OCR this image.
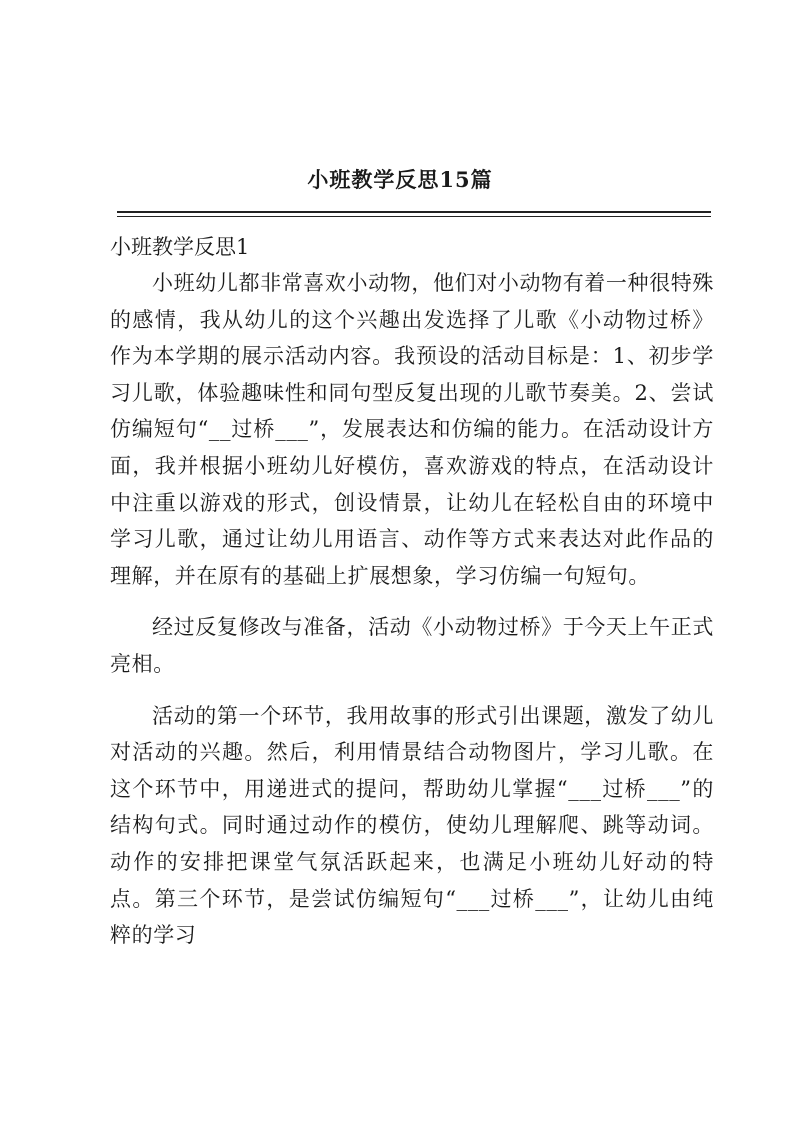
小班教学反思15篇
小班教学反思1

小班幼儿都非常喜欢小动物，他们对小动物有着一种很特殊的感情，我从幼儿的这个兴趣出发选择了儿歌《小动物过桥》作为本学期的展示活动内容。我预设的活动目标是：1、初步学习儿歌，体验趣味性和同句型反复出现的儿歌节奏美。2、尝试仿编短句“__过桥___”，发展表达和仿编的能力。在活动设计方面，我并根据小班幼儿好模仿，喜欢游戏的特点，在活动设计中注重以游戏的形式，创设情景，让幼儿在轻松自由的环境中学习儿歌，通过让幼儿用语言、动作等方式来表达对此作品的理解，并在原有的基础上扩展想象，学习仿编一句短句。

经过反复修改与准备，活动《小动物过桥》于今天上午正式亮相。

活动的第一个环节，我用故事的形式引出课题，激发了幼儿对活动的兴趣。然后，利用情景结合动物图片，学习儿歌。在这个环节中，用递进式的提问，帮助幼儿掌握“___过桥___”的结构句式。同时通过动作的模仿，使幼儿理解爬、跳等动词。动作的安排把课堂气氛活跃起来，也满足小班幼儿好动的特点。第三个环节，是尝试仿编短句“___过桥___”，让幼儿由纯粹的学习
